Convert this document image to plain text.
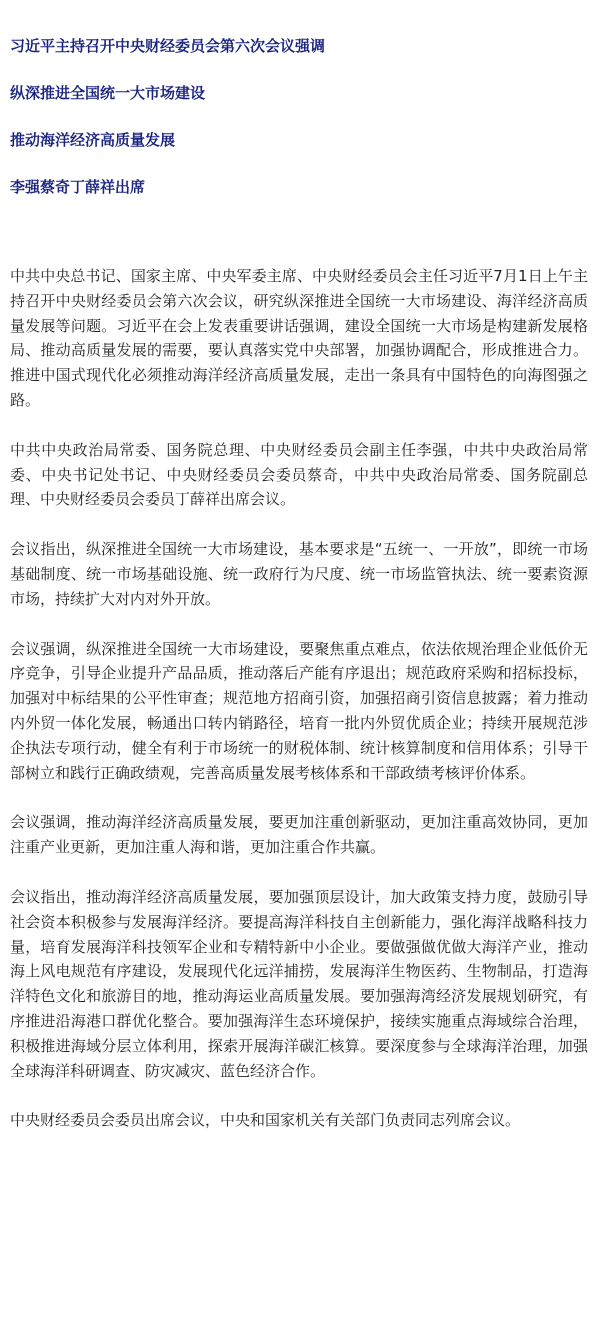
习近平主持召开中央财经委员会第六次会议强调
纵深推进全国统一大市场建设
推动海洋经济高质量发展
李强蔡奇丁薛祥出席

中共中央总书记、国家主席、中央军委主席、中央财经委员会主任习近平7月1日上午主持召开中央财经委员会第六次会议，研究纵深推进全国统一大市场建设、海洋经济高质量发展等问题。习近平在会上发表重要讲话强调，建设全国统一大市场是构建新发展格局、推动高质量发展的需要，要认真落实党中央部署，加强协调配合，形成推进合力。推进中国式现代化必须推动海洋经济高质量发展，走出一条具有中国特色的向海图强之路。

中共中央政治局常委、国务院总理、中央财经委员会副主任李强，中共中央政治局常委、中央书记处书记、中央财经委员会委员蔡奇，中共中央政治局常委、国务院副总理、中央财经委员会委员丁薛祥出席会议。

会议指出，纵深推进全国统一大市场建设，基本要求是“五统一、一开放”，即统一市场基础制度、统一市场基础设施、统一政府行为尺度、统一市场监管执法、统一要素资源市场，持续扩大对内对外开放。

会议强调，纵深推进全国统一大市场建设，要聚焦重点难点，依法依规治理企业低价无序竞争，引导企业提升产品品质，推动落后产能有序退出；规范政府采购和招标投标，加强对中标结果的公平性审查；规范地方招商引资，加强招商引资信息披露；着力推动内外贸一体化发展，畅通出口转内销路径，培育一批内外贸优质企业；持续开展规范涉企执法专项行动，健全有利于市场统一的财税体制、统计核算制度和信用体系；引导干部树立和践行正确政绩观，完善高质量发展考核体系和干部政绩考核评价体系。

会议强调，推动海洋经济高质量发展，要更加注重创新驱动，更加注重高效协同，更加注重产业更新，更加注重人海和谐，更加注重合作共赢。

会议指出，推动海洋经济高质量发展，要加强顶层设计，加大政策支持力度，鼓励引导社会资本积极参与发展海洋经济。要提高海洋科技自主创新能力，强化海洋战略科技力量，培育发展海洋科技领军企业和专精特新中小企业。要做强做优做大海洋产业，推动海上风电规范有序建设，发展现代化远洋捕捞，发展海洋生物医药、生物制品，打造海洋特色文化和旅游目的地，推动海运业高质量发展。要加强海湾经济发展规划研究，有序推进沿海港口群优化整合。要加强海洋生态环境保护，接续实施重点海域综合治理，积极推进海域分层立体利用，探索开展海洋碳汇核算。要深度参与全球海洋治理，加强全球海洋科研调查、防灾减灾、蓝色经济合作。

中央财经委员会委员出席会议，中央和国家机关有关部门负责同志列席会议。
